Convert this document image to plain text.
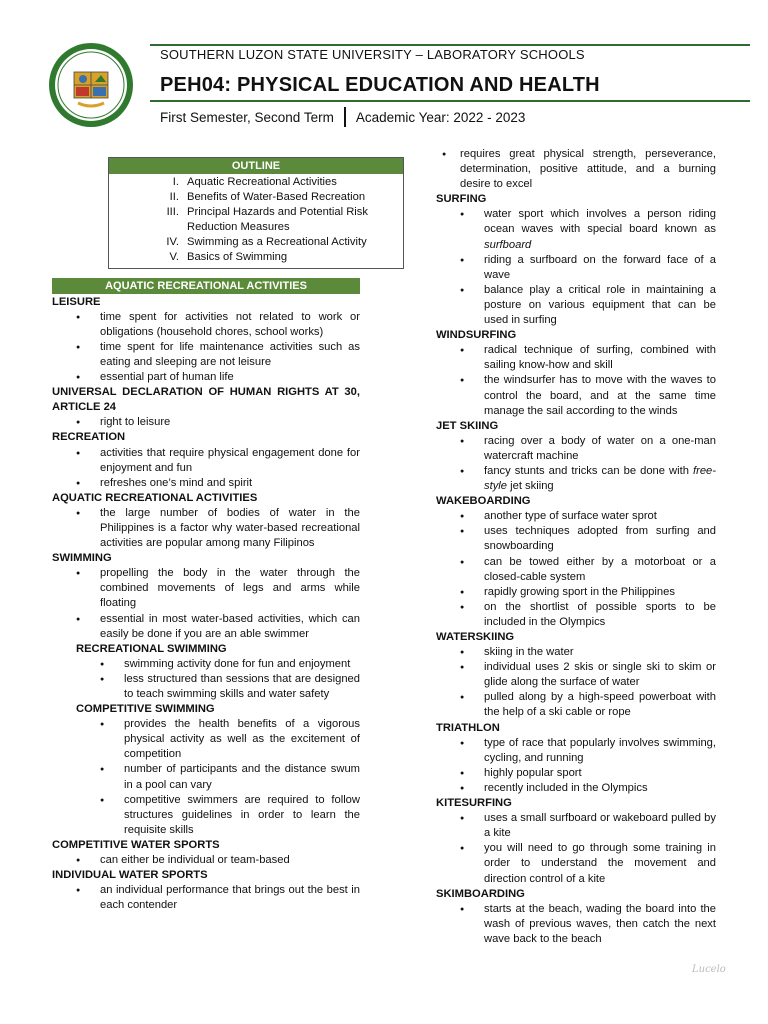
SOUTHERN LUZON STATE UNIVERSITY – LABORATORY SCHOOLS
PEH04: PHYSICAL EDUCATION AND HEALTH
First Semester, Second Term Academic Year: 2022 - 2023
OUTLINE
I. Aquatic Recreational Activities
II. Benefits of Water-Based Recreation
III. Principal Hazards and Potential Risk Reduction Measures
IV. Swimming as a Recreational Activity
V. Basics of Swimming
AQUATIC RECREATIONAL ACTIVITIES
LEISURE
● time spent for activities not related to work or obligations (household chores, school works)
● time spent for life maintenance activities such as eating and sleeping are not leisure
● essential part of human life
UNIVERSAL DECLARATION OF HUMAN RIGHTS AT 30, ARTICLE 24
● right to leisure
RECREATION
● activities that require physical engagement done for enjoyment and fun
● refreshes one’s mind and spirit
AQUATIC RECREATIONAL ACTIVITIES
● the large number of bodies of water in the Philippines is a factor why water-based recreational activities are popular among many Filipinos
SWIMMING
● propelling the body in the water through the combined movements of legs and arms while floating
● essential in most water-based activities, which can easily be done if you are an able swimmer
RECREATIONAL SWIMMING
● swimming activity done for fun and enjoyment
● less structured than sessions that are designed to teach swimming skills and water safety
COMPETITIVE SWIMMING
● provides the health benefits of a vigorous physical activity as well as the excitement of competition
● number of participants and the distance swum in a pool can vary
● competitive swimmers are required to follow structures guidelines in order to learn the requisite skills
COMPETITIVE WATER SPORTS
● can either be individual or team-based
INDIVIDUAL WATER SPORTS
● an individual performance that brings out the best in each contender
● requires great physical strength, perseverance, determination, positive attitude, and a burning desire to excel
SURFING
● water sport which involves a person riding ocean waves with special board known as surfboard
● riding a surfboard on the forward face of a wave
● balance play a critical role in maintaining a posture on various equipment that can be used in surfing
WINDSURFING
● radical technique of surfing, combined with sailing know-how and skill
● the windsurfer has to move with the waves to control the board, and at the same time manage the sail according to the winds
JET SKIING
● racing over a body of water on a one-man watercraft machine
● fancy stunts and tricks can be done with free-style jet skiing
WAKEBOARDING
● another type of surface water sprot
● uses techniques adopted from surfing and snowboarding
● can be towed either by a motorboat or a closed-cable system
● rapidly growing sport in the Philippines
● on the shortlist of possible sports to be included in the Olympics
WATERSKIING
● skiing in the water
● individual uses 2 skis or single ski to skim or glide along the surface of water
● pulled along by a high-speed powerboat with the help of a ski cable or rope
TRIATHLON
● type of race that popularly involves swimming, cycling, and running
● highly popular sport
● recently included in the Olympics
KITESURFING
● uses a small surfboard or wakeboard pulled by a kite
● you will need to go through some training in order to understand the movement and direction control of a kite
SKIMBOARDING
● starts at the beach, wading the board into the wash of previous waves, then catch the next wave back to the beach
Lucelo
